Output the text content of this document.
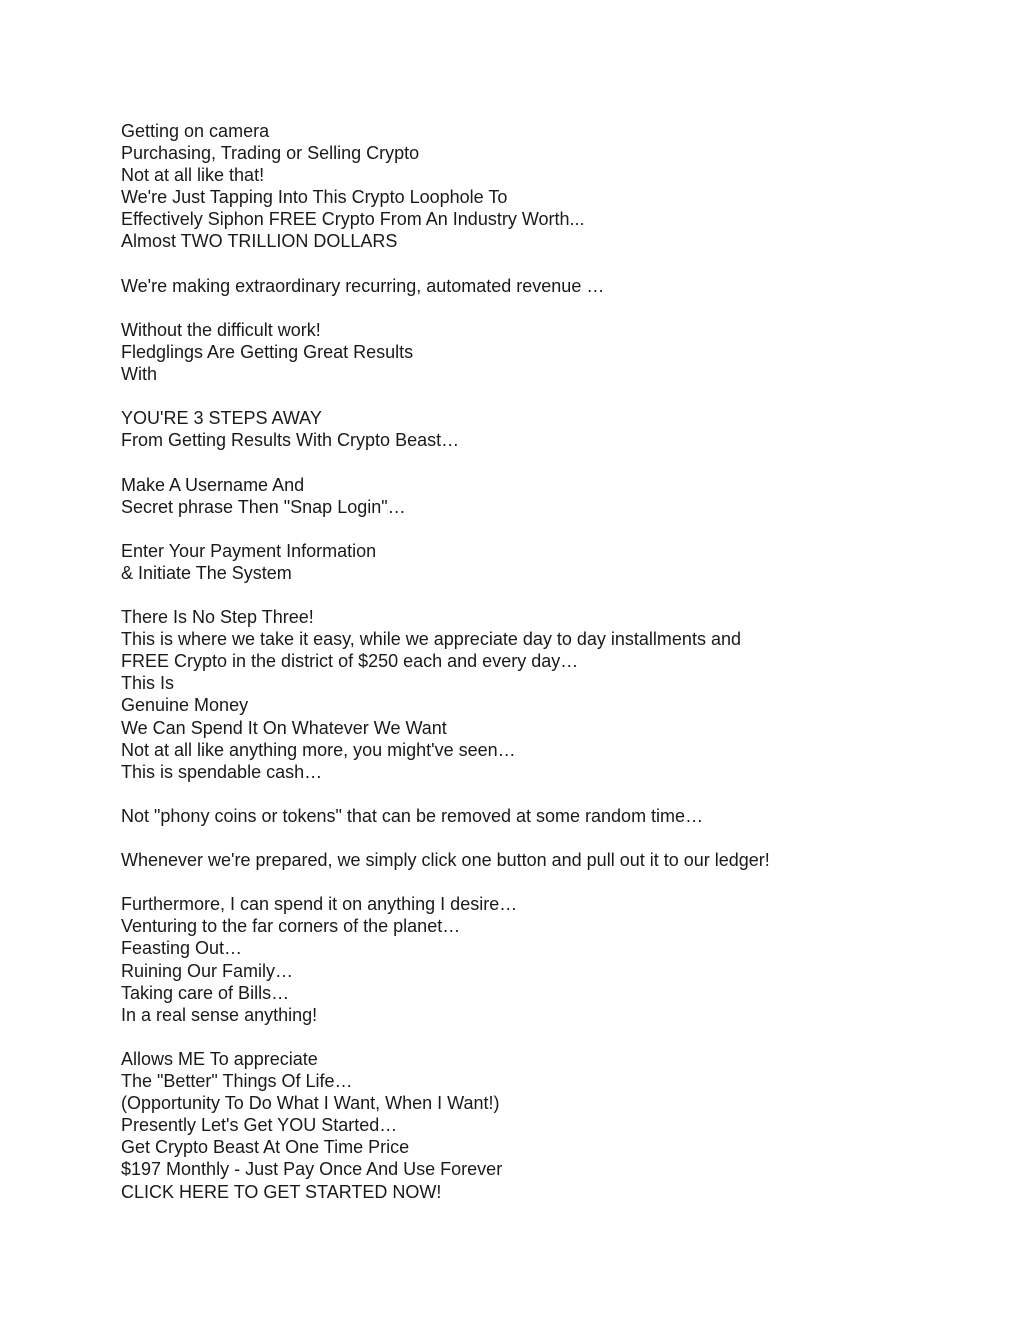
Getting on camera
Purchasing, Trading or Selling Crypto
Not at all like that!
We're Just Tapping Into This Crypto Loophole To
Effectively Siphon FREE Crypto From An Industry Worth...
Almost TWO TRILLION DOLLARS
We're making extraordinary recurring, automated revenue …
Without the difficult work!
Fledglings Are Getting Great Results
With
YOU'RE 3 STEPS AWAY
From Getting Results With Crypto Beast…
Make A Username And
Secret phrase Then "Snap Login"…
Enter Your Payment Information
& Initiate The System
There Is No Step Three!
This is where we take it easy, while we appreciate day to day installments and
FREE Crypto in the district of $250 each and every day…
This Is
Genuine Money
We Can Spend It On Whatever We Want
Not at all like anything more, you might've seen…
This is spendable cash…
Not "phony coins or tokens" that can be removed at some random time…
Whenever we're prepared, we simply click one button and pull out it to our ledger!
Furthermore, I can spend it on anything I desire…
Venturing to the far corners of the planet…
Feasting Out…
Ruining Our Family…
Taking care of Bills…
In a real sense anything!
Allows ME To appreciate
The "Better" Things Of Life…
(Opportunity To Do What I Want, When I Want!)
Presently Let's Get YOU Started…
Get Crypto Beast At One Time Price
$197 Monthly - Just Pay Once And Use Forever
CLICK HERE TO GET STARTED NOW!
